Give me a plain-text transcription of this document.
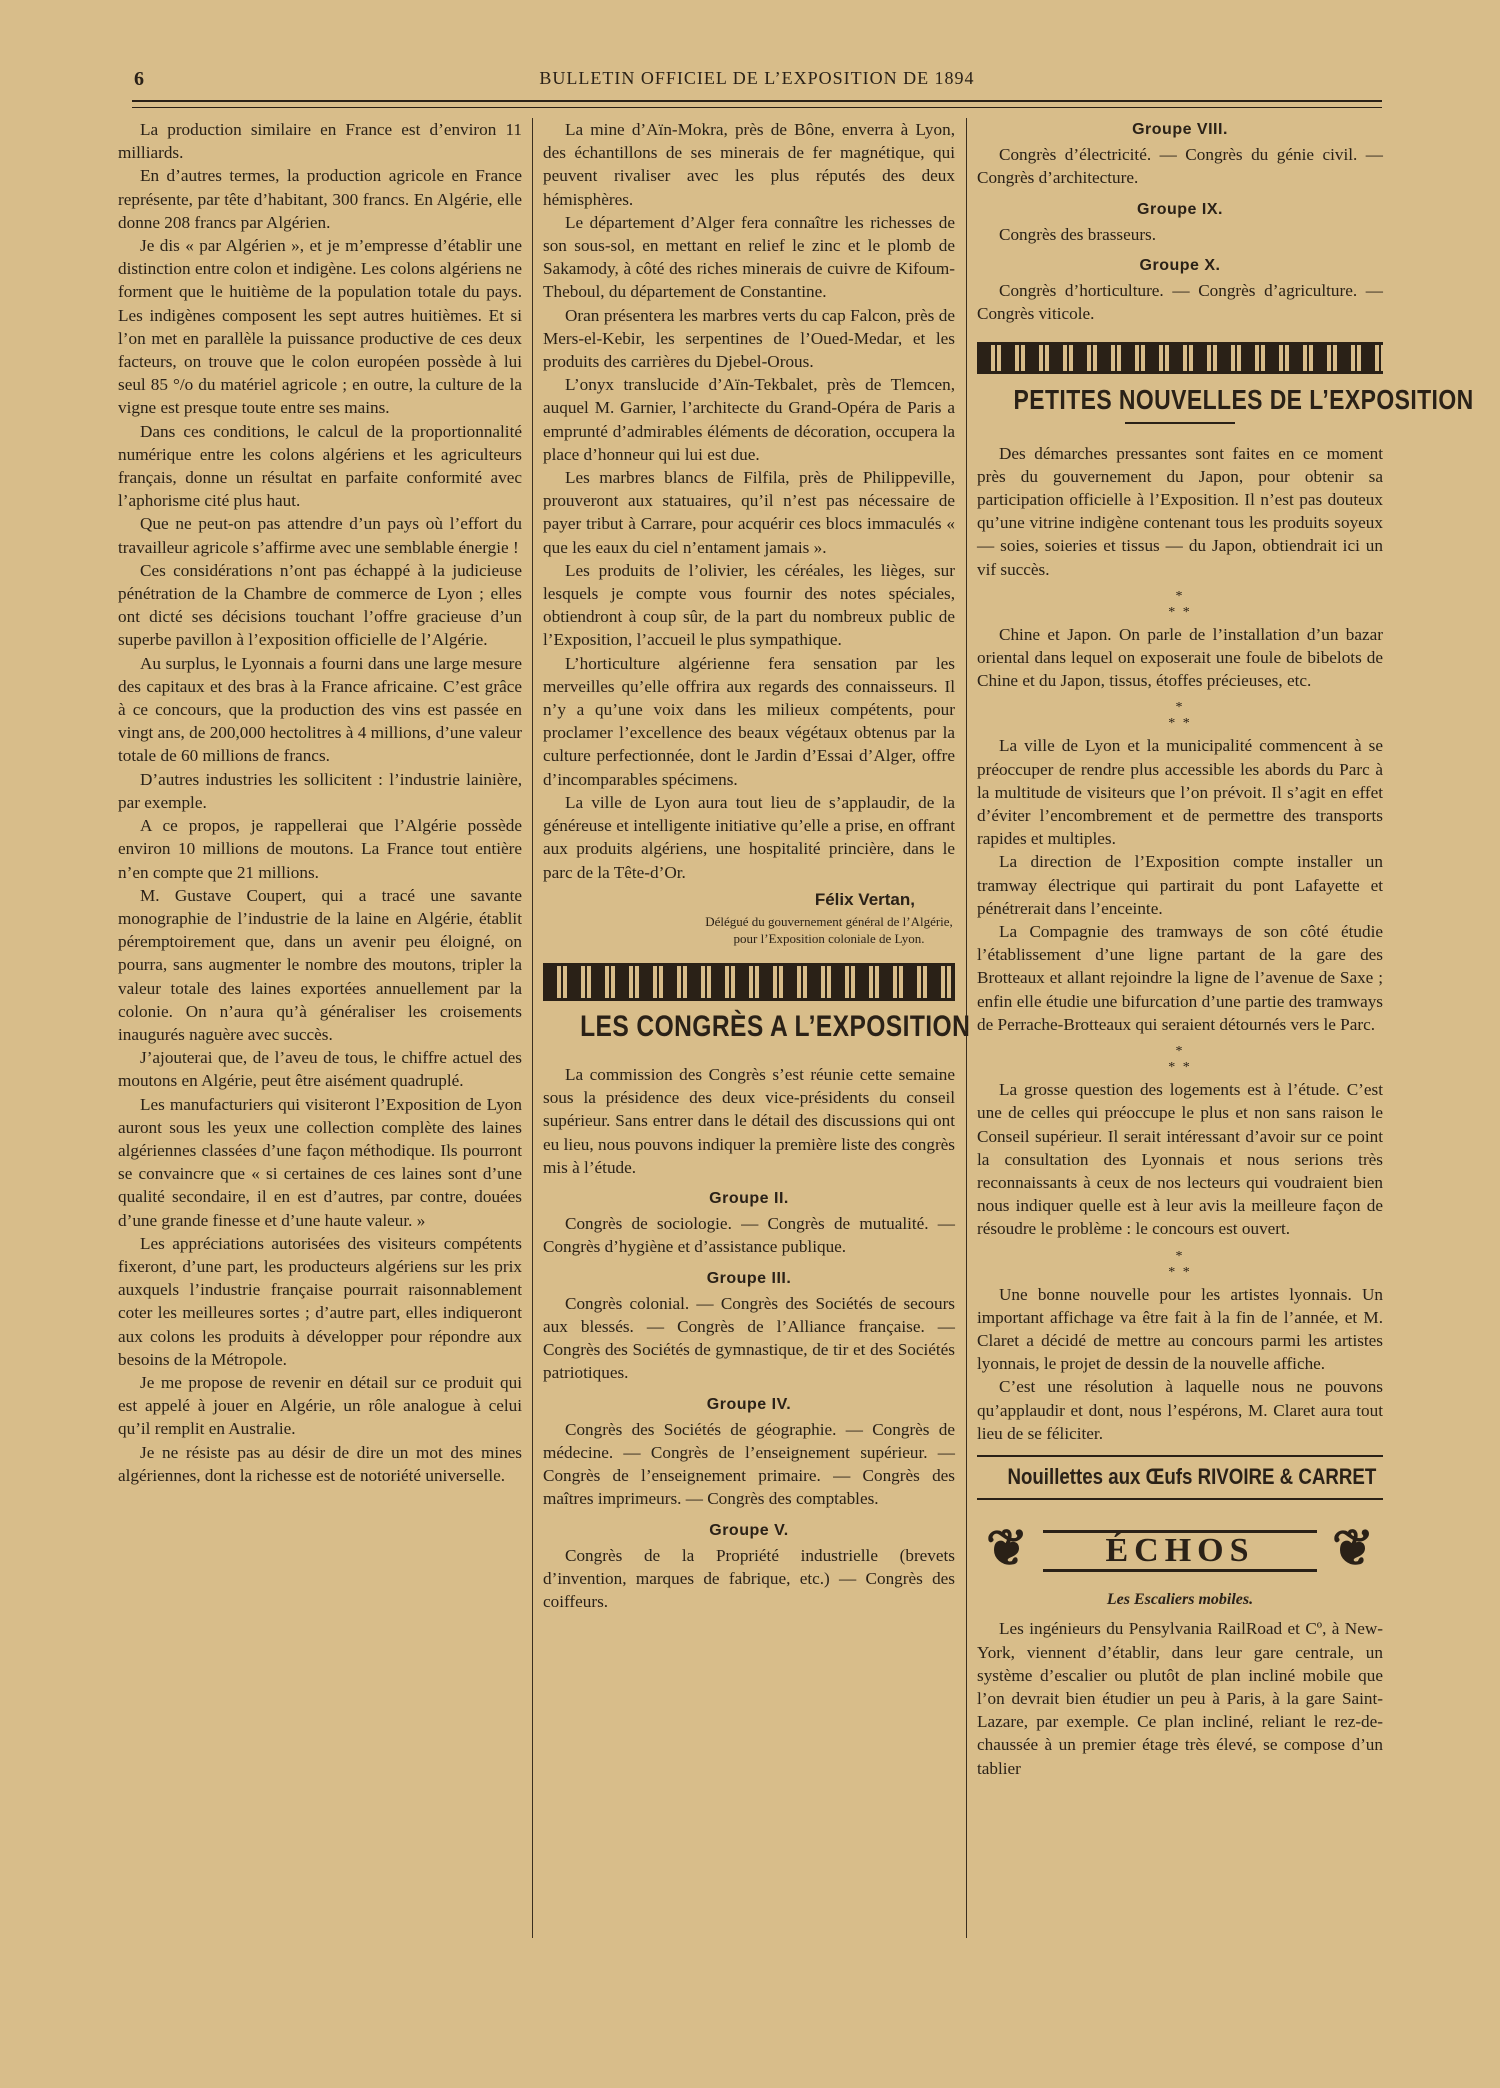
6	BULLETIN OFFICIEL DE L’EXPOSITION DE 1894

La production similaire en France est d’environ 11 milliards.

En d’autres termes, la production agricole en France représente, par tête d’habitant, 300 francs. En Algérie, elle donne 208 francs par Algérien.

Je dis « par Algérien », et je m’empresse d’établir une distinction entre colon et indigène. Les colons algériens ne forment que le huitième de la population totale du pays. Les indigènes composent les sept autres huitièmes. Et si l’on met en parallèle la puissance productive de ces deux facteurs, on trouve que le colon européen possède à lui seul 85 °/o du matériel agricole ; en outre, la culture de la vigne est presque toute entre ses mains.

Dans ces conditions, le calcul de la proportionnalité numérique entre les colons algériens et les agriculteurs français, donne un résultat en parfaite conformité avec l’aphorisme cité plus haut.

Que ne peut-on pas attendre d’un pays où l’effort du travailleur agricole s’affirme avec une semblable énergie !

Ces considérations n’ont pas échappé à la judicieuse pénétration de la Chambre de commerce de Lyon ; elles ont dicté ses décisions touchant l’offre gracieuse d’un superbe pavillon à l’exposition officielle de l’Algérie.

Au surplus, le Lyonnais a fourni dans une large mesure des capitaux et des bras à la France africaine. C’est grâce à ce concours, que la production des vins est passée en vingt ans, de 200,000 hectolitres à 4 millions, d’une valeur totale de 60 millions de francs.

D’autres industries les sollicitent : l’industrie lainière, par exemple.

A ce propos, je rappellerai que l’Algérie possède environ 10 millions de moutons. La France tout entière n’en compte que 21 millions.

M. Gustave Coupert, qui a tracé une savante monographie de l’industrie de la laine en Algérie, établit péremptoirement que, dans un avenir peu éloigné, on pourra, sans augmenter le nombre des moutons, tripler la valeur totale des laines exportées annuellement par la colonie. On n’aura qu’à généraliser les croisements inaugurés naguère avec succès.

J’ajouterai que, de l’aveu de tous, le chiffre actuel des moutons en Algérie, peut être aisément quadruplé.

Les manufacturiers qui visiteront l’Exposition de Lyon auront sous les yeux une collection complète des laines algériennes classées d’une façon méthodique. Ils pourront se convaincre que « si certaines de ces laines sont d’une qualité secondaire, il en est d’autres, par contre, douées d’une grande finesse et d’une haute valeur. »

Les appréciations autorisées des visiteurs compétents fixeront, d’une part, les producteurs algériens sur les prix auxquels l’industrie française pourrait raisonnablement coter les meilleures sortes ; d’autre part, elles indiqueront aux colons les produits à développer pour répondre aux besoins de la Métropole.

Je me propose de revenir en détail sur ce produit qui est appelé à jouer en Algérie, un rôle analogue à celui qu’il remplit en Australie.

Je ne résiste pas au désir de dire un mot des mines algériennes, dont la richesse est de notoriété universelle.

La mine d’Aïn-Mokra, près de Bône, enverra à Lyon, des échantillons de ses minerais de fer magnétique, qui peuvent rivaliser avec les plus réputés des deux hémisphères.

Le département d’Alger fera connaître les richesses de son sous-sol, en mettant en relief le zinc et le plomb de Sakamody, à côté des riches minerais de cuivre de Kifoum-Theboul, du département de Constantine.

Oran présentera les marbres verts du cap Falcon, près de Mers-el-Kebir, les serpentines de l’Oued-Medar, et les produits des carrières du Djebel-Orous.

L’onyx translucide d’Aïn-Tekbalet, près de Tlemcen, auquel M. Garnier, l’architecte du Grand-Opéra de Paris a emprunté d’admirables éléments de décoration, occupera la place d’honneur qui lui est due.

Les marbres blancs de Filfila, près de Philippeville, prouveront aux statuaires, qu’il n’est pas nécessaire de payer tribut à Carrare, pour acquérir ces blocs immaculés « que les eaux du ciel n’entament jamais ».

Les produits de l’olivier, les céréales, les lièges, sur lesquels je compte vous fournir des notes spéciales, obtiendront à coup sûr, de la part du nombreux public de l’Exposition, l’accueil le plus sympathique.

L’horticulture algérienne fera sensation par les merveilles qu’elle offrira aux regards des connaisseurs. Il n’y a qu’une voix dans les milieux compétents, pour proclamer l’excellence des beaux végétaux obtenus par la culture perfectionnée, dont le Jardin d’Essai d’Alger, offre d’incomparables spécimens.

La ville de Lyon aura tout lieu de s’applaudir, de la généreuse et intelligente initiative qu’elle a prise, en offrant aux produits algériens, une hospitalité princière, dans le parc de la Tête-d’Or.

Félix Vertan,
Délégué du gouvernement général de l’Algérie, pour l’Exposition coloniale de Lyon.
LES CONGRÈS A L’EXPOSITION

La commission des Congrès s’est réunie cette semaine sous la présidence des deux vice-présidents du conseil supérieur. Sans entrer dans le détail des discussions qui ont eu lieu, nous pouvons indiquer la première liste des congrès mis à l’étude.

Groupe II.

Congrès de sociologie. — Congrès de mutualité. — Congrès d’hygiène et d’assistance publique.

Groupe III.

Congrès colonial. — Congrès des Sociétés de secours aux blessés. — Congrès de l’Alliance française. — Congrès des Sociétés de gymnastique, de tir et des Sociétés patriotiques.

Groupe IV.

Congrès des Sociétés de géographie. — Congrès de médecine. — Congrès de l’enseignement supérieur. — Congrès de l’enseignement primaire. — Congrès des maîtres imprimeurs. — Congrès des comptables.

Groupe V.

Congrès de la Propriété industrielle (brevets d’invention, marques de fabrique, etc.) — Congrès des coiffeurs.

Groupe VIII.

Congrès d’électricité. — Congrès du génie civil. — Congrès d’architecture.

Groupe IX.

Congrès des brasseurs.

Groupe X.

Congrès d’horticulture. — Congrès d’agriculture. — Congrès viticole.

PETITES NOUVELLES DE L’EXPOSITION

Des démarches pressantes sont faites en ce moment près du gouvernement du Japon, pour obtenir sa participation officielle à l’Exposition. Il n’est pas douteux qu’une vitrine indigène contenant tous les produits soyeux — soies, soieries et tissus — du Japon, obtiendrait ici un vif succès.

*
* *

Chine et Japon. On parle de l’installation d’un bazar oriental dans lequel on exposerait une foule de bibelots de Chine et du Japon, tissus, étoffes précieuses, etc.

*
* *

La ville de Lyon et la municipalité commencent à se préoccuper de rendre plus accessible les abords du Parc à la multitude de visiteurs que l’on prévoit. Il s’agit en effet d’éviter l’encombrement et de permettre des transports rapides et multiples.

La direction de l’Exposition compte installer un tramway électrique qui partirait du pont Lafayette et pénétrerait dans l’enceinte.

La Compagnie des tramways de son côté étudie l’établissement d’une ligne partant de la gare des Brotteaux et allant rejoindre la ligne de l’avenue de Saxe ; enfin elle étudie une bifurcation d’une partie des tramways de Perrache-Brotteaux qui seraient détournés vers le Parc.

*
* *

La grosse question des logements est à l’étude. C’est une de celles qui préoccupe le plus et non sans raison le Conseil supérieur. Il serait intéressant d’avoir sur ce point la consultation des Lyonnais et nous serions très reconnaissants à ceux de nos lecteurs qui voudraient bien nous indiquer quelle est à leur avis la meilleure façon de résoudre le problème : le concours est ouvert.

*
* *

Une bonne nouvelle pour les artistes lyonnais. Un important affichage va être fait à la fin de l’année, et M. Claret a décidé de mettre au concours parmi les artistes lyonnais, le projet de dessin de la nouvelle affiche.

C’est une résolution à laquelle nous ne pouvons qu’applaudir et dont, nous l’espérons, M. Claret aura tout lieu de se féliciter.

Nouillettes aux Œufs RIVOIRE & CARRET
❦	ÉCHOS	❦
Les Escaliers mobiles.

Les ingénieurs du Pensylvania RailRoad et Cº, à New-York, viennent d’établir, dans leur gare centrale, un système d’escalier ou plutôt de plan incliné mobile que l’on devrait bien étudier un peu à Paris, à la gare Saint-Lazare, par exemple. Ce plan incliné, reliant le rez-de-chaussée à un premier étage très élevé, se compose d’un tablier
